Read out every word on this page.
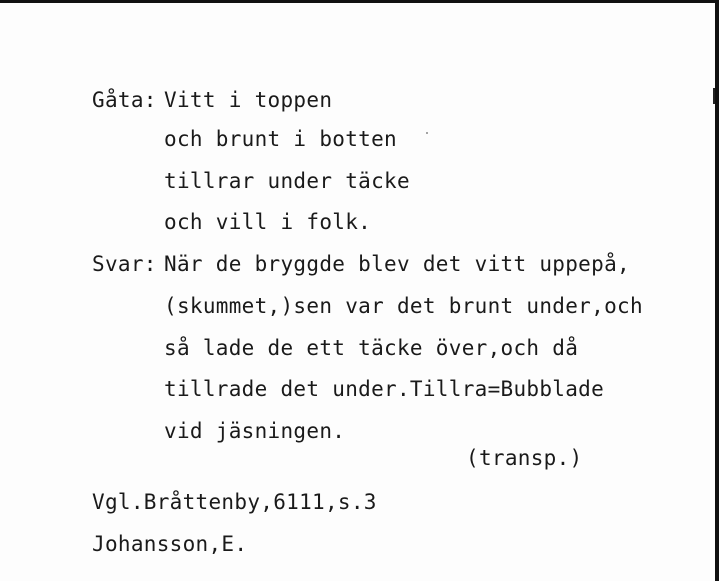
Gåta: Vitt i toppen
och brunt i botten
tillrar under täcke
och vill i folk.
Svar: När de bryggde blev det vitt uppepå,
(skummet,)sen var det brunt under,och
så lade de ett täcke över,och då
tillrade det under.Tillra=Bubblade
vid jäsningen.
(transp.)
Vgl.Bråttenby,6111,s.3
Johansson,E.
